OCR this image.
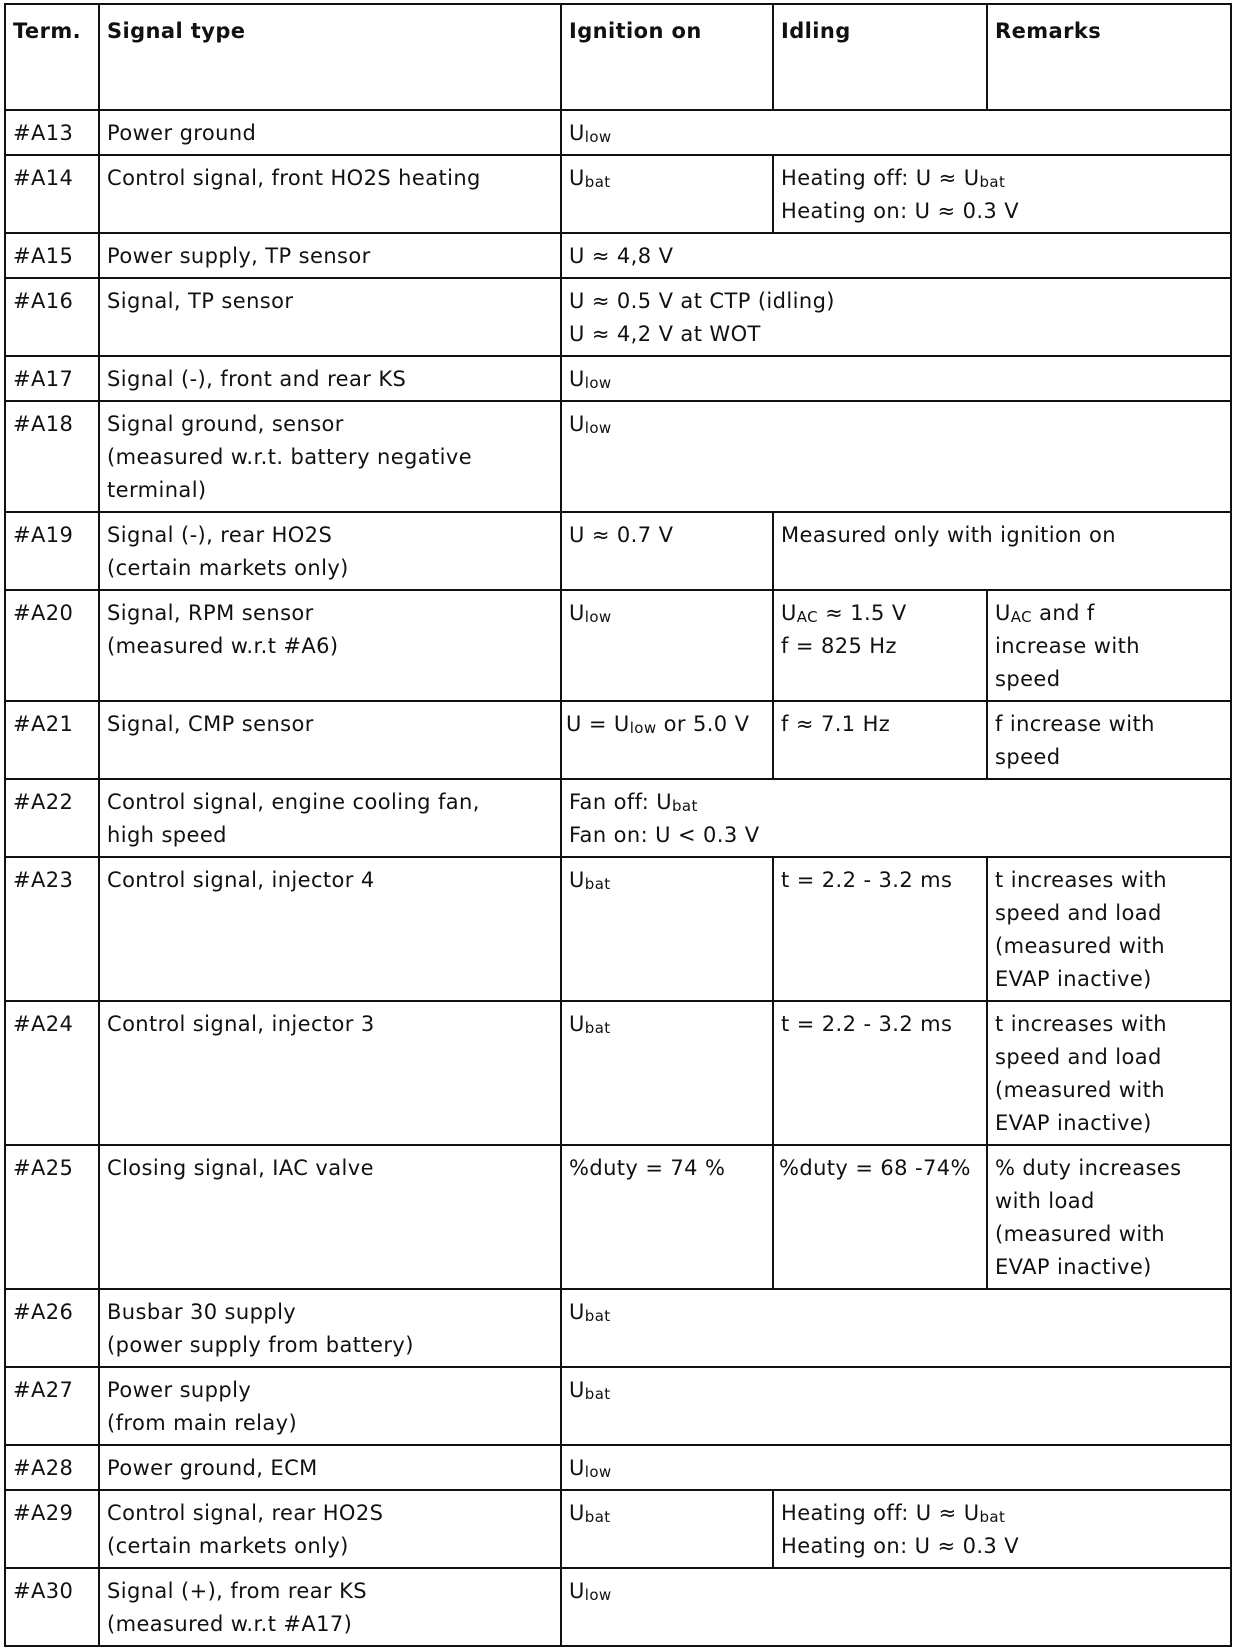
Term.	Signal type	Ignition on	Idling	Remarks
#A13	Power ground	$U_{low}$
#A14	Control signal, front HO2S heating	$U_{bat}$	Heating off: $U \approx U_{bat}$
Heating on: U ≈ 0.3 V	

#A15	Power supply, TP sensor	U ≈ 4,8 V		
#A16	Signal, TP sensor	U ≈ 0.5 V at CTP (idling)
U ≈ 4,2 V at WOT		

#A17	Signal (-), front and rear KS	$U_{low}$
#A18	Signal ground, sensor
(measured w.r.t. battery negative
terminal)	$U_{low}$
#A19	Signal (-), rear HO2S
(certain markets only)	U ≈ 0.7 V	Measured only with ignition on	
#A20	Signal, RPM sensor
(measured w.r.t #A6)	$U_{low}$	$U_{AC} \approx 1.5$ V
f = 825 Hz	$U_{AC}$ and f
increase with
speed

#A21	Signal, CMP sensor	$U = U_{low}$ or 5.0 V	f ≈ 7.1 Hz	f increase with
speed

#A22	Control signal, engine cooling fan,
high speed	Fan off: $U_{bat}$
Fan on: U < 0.3 V		

#A23	Control signal, injector 4	$U_{bat}$	t = 2.2 - 3.2 ms	t increases with
speed and load
(measured with
EVAP inactive)

#A24	Control signal, injector 3	$U_{bat}$	t = 2.2 - 3.2 ms	t increases with
speed and load
(measured with
EVAP inactive)

#A25	Closing signal, IAC valve	%duty = 74 %	%duty = 68 -74%	% duty increases
with load
(measured with
EVAP inactive)

#A26	Busbar 30 supply
(power supply from battery)	$U_{bat}$
#A27	Power supply
(from main relay)	$U_{bat}$
#A28	Power ground, ECM	$U_{low}$
#A29	Control signal, rear HO2S
(certain markets only)	$U_{bat}$	Heating off: $U \approx U_{bat}$
Heating on: U ≈ 0.3 V	

#A30	Signal (+), from rear KS
(measured w.r.t #A17)	$U_{low}$
